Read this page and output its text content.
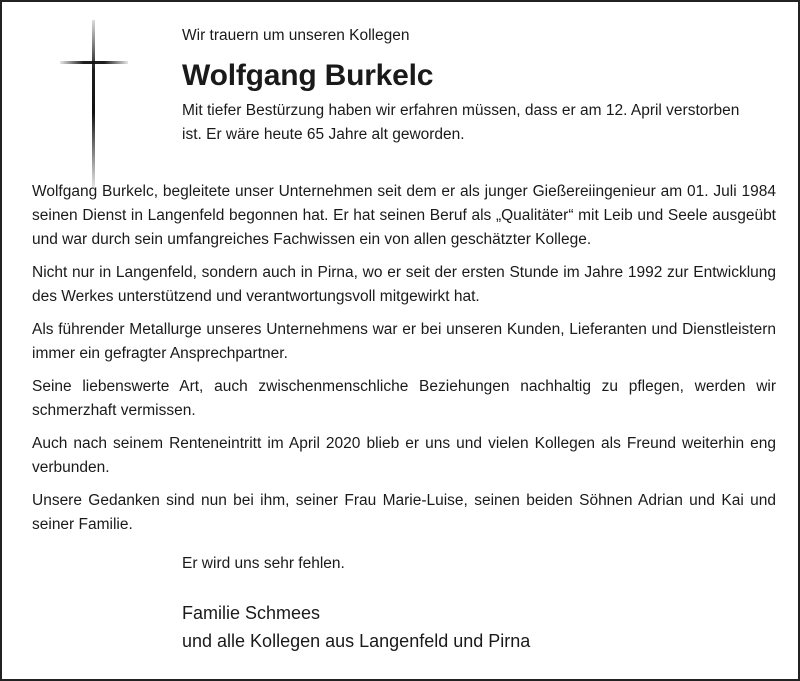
Wir trauern um unseren Kollegen

Wolfgang Burkelc

Mit tiefer Bestürzung haben wir erfahren müssen, dass er am 12. April verstorben ist. Er wäre heute 65 Jahre alt geworden.

Wolfgang Burkelc, begleitete unser Unternehmen seit dem er als junger Gießereiingenieur am 01. Juli 1984 seinen Dienst in Langenfeld begonnen hat. Er hat seinen Beruf als „Qualitäter“ mit Leib und Seele ausgeübt und war durch sein umfangreiches Fachwissen ein von allen geschätzter Kollege.

Nicht nur in Langenfeld, sondern auch in Pirna, wo er seit der ersten Stunde im Jahre 1992 zur Entwicklung des Werkes unterstützend und verantwortungsvoll mitgewirkt hat.

Als führender Metallurge unseres Unternehmens war er bei unseren Kunden, Lieferanten und Dienstleistern immer ein gefragter Ansprechpartner.

Seine liebenswerte Art, auch zwischenmenschliche Beziehungen nachhaltig zu pflegen, werden wir schmerzhaft vermissen.

Auch nach seinem Renteneintritt im April 2020 blieb er uns und vielen Kollegen als Freund weiterhin eng verbunden.

Unsere Gedanken sind nun bei ihm, seiner Frau Marie-Luise, seinen beiden Söhnen Adrian und Kai und seiner Familie.

Er wird uns sehr fehlen.

Familie Schmees

und alle Kollegen aus Langenfeld und Pirna
